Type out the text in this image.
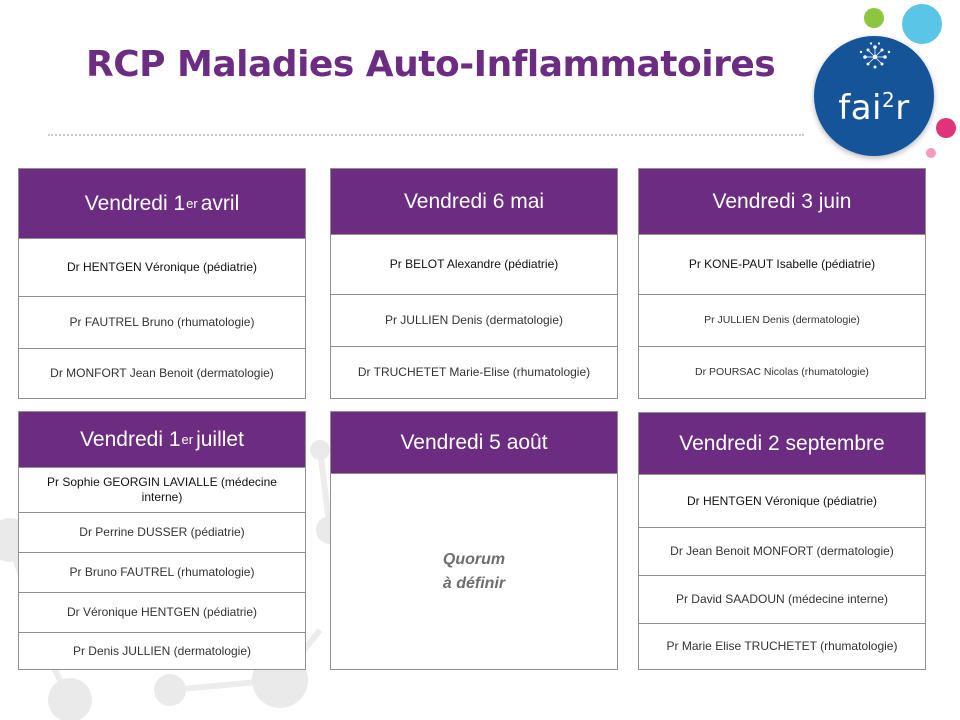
RCP Maladies Auto-Inflammatoires
fai$^2$r
Vendredi 1 er avril
Dr HENTGEN Véronique (pédiatrie)
Pr FAUTREL Bruno (rhumatologie)
Dr MONFORT Jean Benoit (dermatologie)
Vendredi 6 mai
Pr BELOT Alexandre (pédiatrie)
Pr JULLIEN Denis (dermatologie)
Dr TRUCHETET Marie-Elise (rhumatologie)
Vendredi 3 juin
Pr KONE-PAUT Isabelle (pédiatrie)
Pr JULLIEN Denis (dermatologie)
Dr POURSAC Nicolas (rhumatologie)
Vendredi 1 er juillet
Pr Sophie GEORGIN LAVIALLE (médecine interne)
Dr Perrine DUSSER (pédiatrie)
Pr Bruno FAUTREL (rhumatologie)
Dr Véronique HENTGEN (pédiatrie)
Pr Denis JULLIEN (dermatologie)
Vendredi 5 août
Quorum
à définir
Vendredi 2 septembre
Dr HENTGEN Véronique (pédiatrie)
Dr Jean Benoit MONFORT (dermatologie)
Pr David SAADOUN (médecine interne)
Pr Marie Elise TRUCHETET (rhumatologie)
